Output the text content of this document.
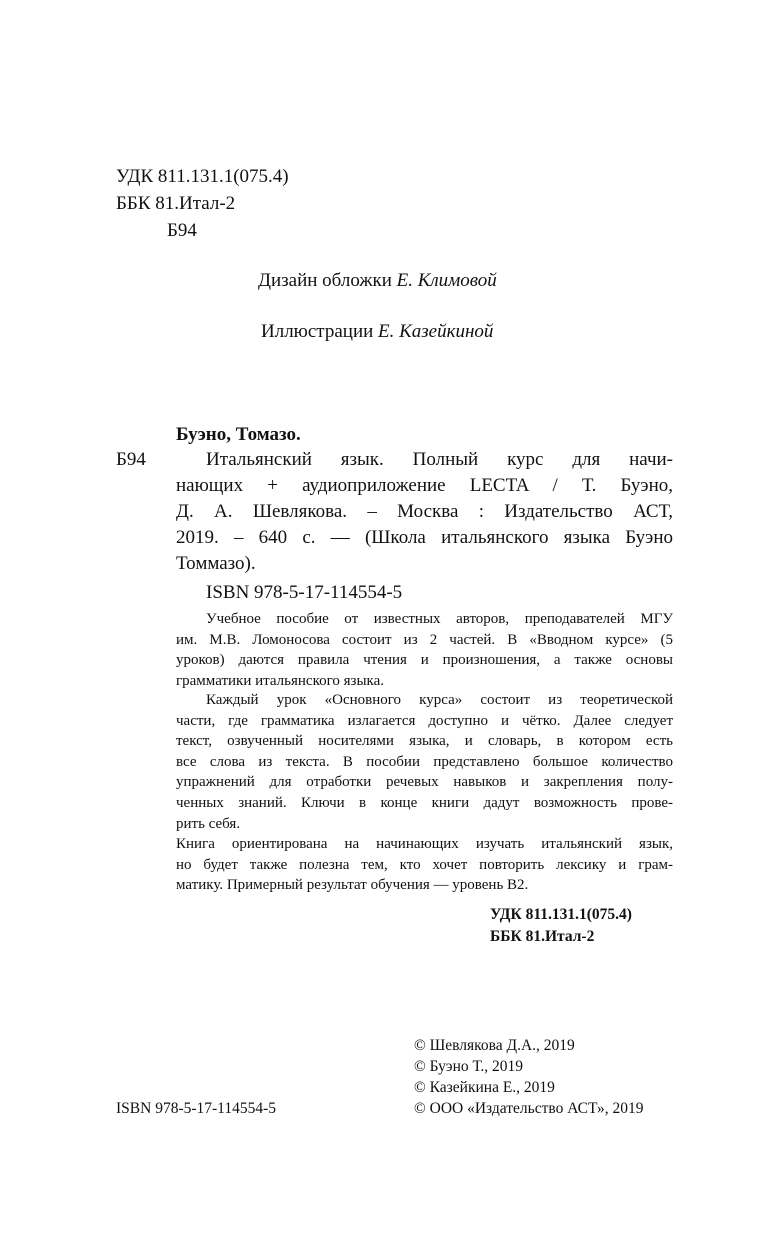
УДК 811.131.1(075.4)
ББК 81.Итал-2
Б94
Дизайн обложки Е. Климовой
Иллюстрации Е. Казейкиной
Буэно, Томазо.
Б94	Итальянский язык. Полный курс для начи-
нающих + аудиоприложение LECTA / Т. Буэно,
Д. А. Шевлякова. – Москва : Издательство АСТ,
2019. – 640 с. — (Школа итальянского языка Буэно
Томмазо).
ISBN 978-5-17-114554-5
Учебное пособие от известных авторов, преподавателей МГУ
им. М.В. Ломоносова состоит из 2 частей. В «Вводном курсе» (5
уроков) даются правила чтения и произношения, а также основы
грамматики итальянского языка.
Каждый урок «Основного курса» состоит из теоретической
части, где грамматика излагается доступно и чётко. Далее следует
текст, озвученный носителями языка, и словарь, в котором есть
все слова из текста. В пособии представлено большое количество
упражнений для отработки речевых навыков и закрепления полу-
ченных знаний. Ключи в конце книги дадут возможность прове-
рить себя.
Книга ориентирована на начинающих изучать итальянский язык,
но будет также полезна тем, кто хочет повторить лексику и грам-
матику. Примерный результат обучения — уровень В2.
УДК 811.131.1(075.4)
ББК 81.Итал-2
© Шевлякова Д.А., 2019
© Буэно Т., 2019
© Казейкина Е., 2019
© ООО «Издательство АСТ», 2019
ISBN 978-5-17-114554-5
